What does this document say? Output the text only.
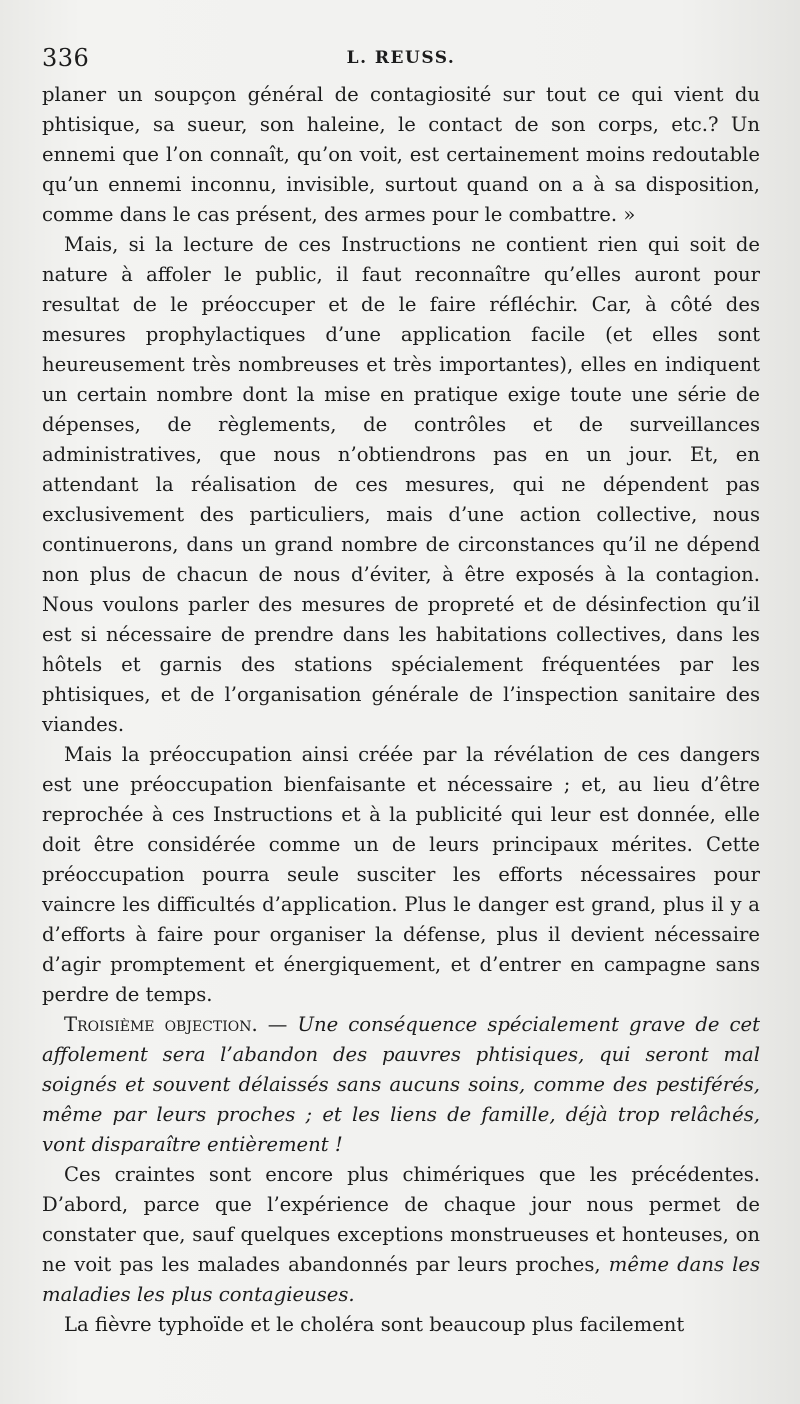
336	L. REUSS.

planer un soupçon général de contagiosité sur tout ce qui vient du phtisique, sa sueur, son haleine, le contact de son corps, etc.? Un ennemi que l’on connaît, qu’on voit, est certainement moins redoutable qu’un ennemi inconnu, invisible, surtout quand on a à sa disposition, comme dans le cas présent, des armes pour le combattre. »

Mais, si la lecture de ces Instructions ne contient rien qui soit de nature à affoler le public, il faut reconnaître qu’elles auront pour resultat de le préoccuper et de le faire réfléchir. Car, à côté des mesures prophylactiques d’une application facile (et elles sont heureusement très nombreuses et très importantes), elles en indiquent un certain nombre dont la mise en pratique exige toute une série de dépenses, de règlements, de contrôles et de surveillances administratives, que nous n’obtiendrons pas en un jour. Et, en attendant la réalisation de ces mesures, qui ne dépendent pas exclusivement des particuliers, mais d’une action collective, nous continuerons, dans un grand nombre de circonstances qu’il ne dépend non plus de chacun de nous d’éviter, à être exposés à la contagion. Nous voulons parler des mesures de propreté et de désinfection qu’il est si nécessaire de prendre dans les habitations collectives, dans les hôtels et garnis des stations spécialement fréquentées par les phtisiques, et de l’organisation générale de l’inspection sanitaire des viandes.

Mais la préoccupation ainsi créée par la révélation de ces dangers est une préoccupation bienfaisante et nécessaire ; et, au lieu d’être reprochée à ces Instructions et à la publicité qui leur est donnée, elle doit être considérée comme un de leurs principaux mérites. Cette préoccupation pourra seule susciter les efforts nécessaires pour vaincre les difficultés d’application. Plus le danger est grand, plus il y a d’efforts à faire pour organiser la défense, plus il devient nécessaire d’agir promptement et énergiquement, et d’entrer en campagne sans perdre de temps.

Troisième objection. — Une conséquence spécialement grave de cet affolement sera l’abandon des pauvres phtisiques, qui seront mal soignés et souvent délaissés sans aucuns soins, comme des pestiférés, même par leurs proches ; et les liens de famille, déjà trop relâchés, vont disparaître entièrement !

Ces craintes sont encore plus chimériques que les précédentes. D’abord, parce que l’expérience de chaque jour nous permet de constater que, sauf quelques exceptions monstrueuses et honteuses, on ne voit pas les malades abandonnés par leurs proches, même dans les maladies les plus contagieuses.

La fièvre typhoïde et le choléra sont beaucoup plus facilement
